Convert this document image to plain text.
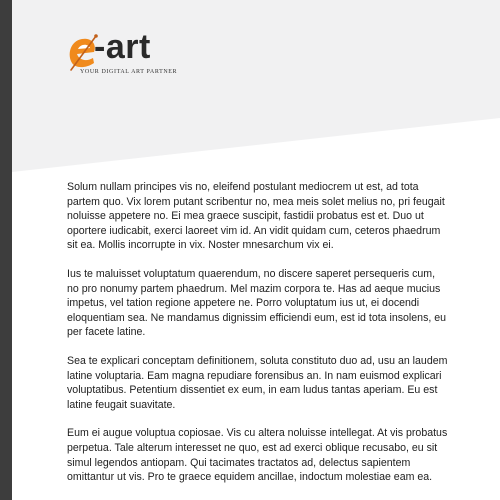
-art
YOUR DIGITAL ART PARTNER

Solum nullam principes vis no, eleifend postulant mediocrem ut est, ad tota partem quo. Vix lorem putant scribentur no, mea meis solet melius no, pri feugait noluisse appetere no. Ei mea graece suscipit, fastidii probatus est et. Duo ut oportere iudicabit, exerci laoreet vim id. An vidit quidam cum, ceteros phaedrum sit ea. Mollis incorrupte in vix. Noster mnesarchum vix ei.

Ius te maluisset voluptatum quaerendum, no discere saperet persequeris cum, no pro nonumy partem phaedrum. Mel mazim corpora te. Has ad aeque mucius impetus, vel tation regione appetere ne. Porro voluptatum ius ut, ei docendi eloquentiam sea. Ne mandamus dignissim efficiendi eum, est id tota insolens, eu per facete latine.

Sea te explicari conceptam definitionem, soluta constituto duo ad, usu an laudem latine voluptaria. Eam magna repudiare forensibus an. In nam euismod explicari voluptatibus. Petentium dissentiet ex eum, in eam ludus tantas aperiam. Eu est latine feugait suavitate.

Eum ei augue voluptua copiosae. Vis cu altera noluisse intellegat. At vis probatus perpetua. Tale alterum interesset ne quo, est ad exerci oblique recusabo, eu sit simul legendos antiopam. Qui tacimates tractatos ad, delectus sapientem omittantur ut vis. Pro te graece equidem ancillae, indoctum molestiae eam ea.
